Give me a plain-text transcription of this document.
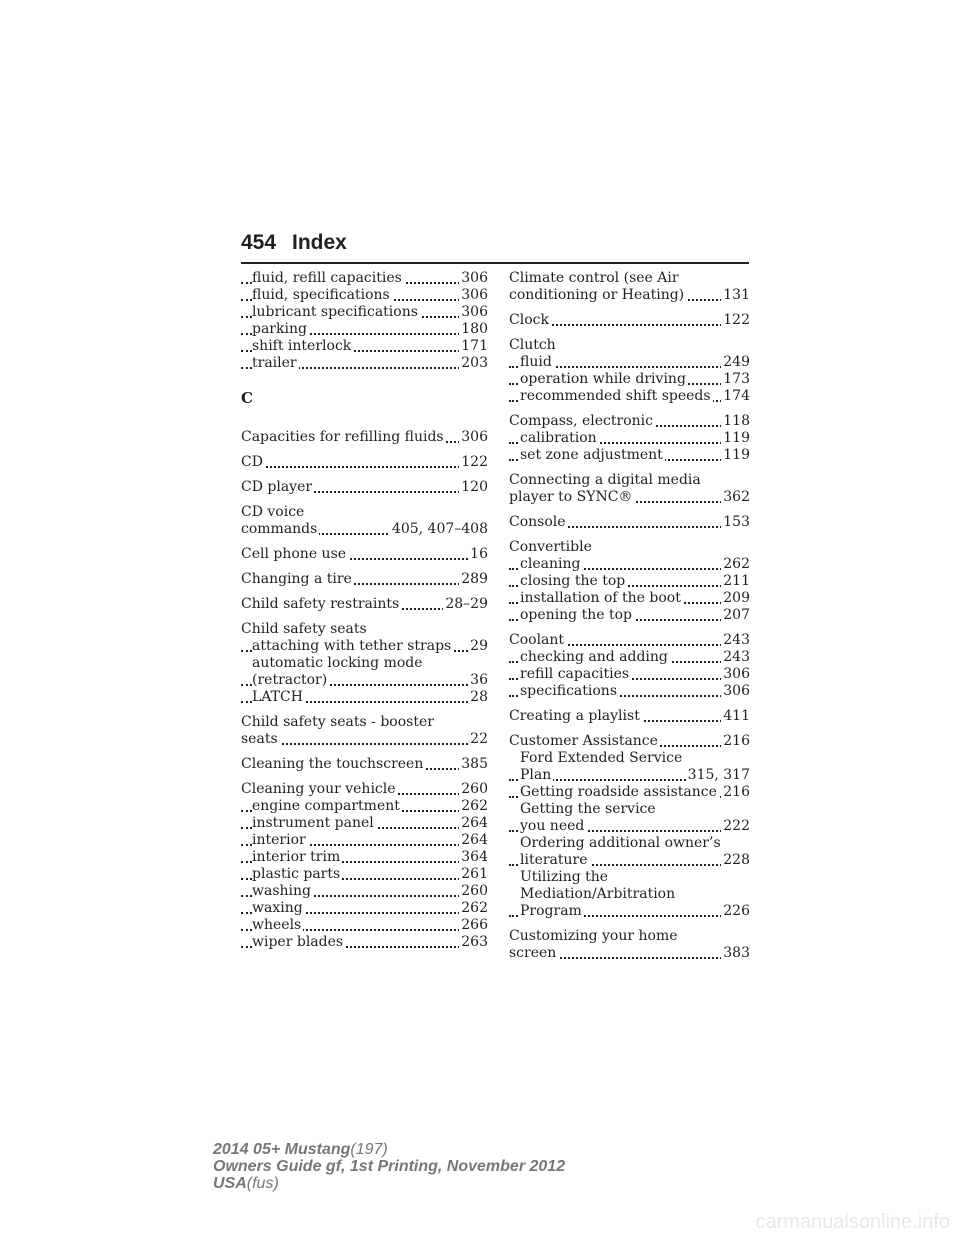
454 Index
fluid, refill capacities	306
fluid, specifications	306
lubricant specifications	306
parking	180
shift interlock	171
trailer	203
C
Capacities for refilling fluids 306
CD	122
CD player	120
CD voice
commands	405, 407–408
Cell phone use	16
Changing a tire	289
Child safety restraints	28–29
Child safety seats
attaching with tether straps 29
automatic locking mode
(retractor)	36
LATCH	28
Child safety seats - booster
seats	22
Cleaning the touchscreen	385
Cleaning your vehicle	260
engine compartment	262
instrument panel	264
interior	264
interior trim	364
plastic parts	261
washing	260
waxing	262
wheels	266
wiper blades	263
Climate control (see Air
conditioning or Heating)	131
Clock	122
Clutch
fluid	249
operation while driving	173
recommended shift speeds 174
Compass, electronic	118
calibration	119
set zone adjustment	119
Connecting a digital media
player to SYNC®	362
Console	153
Convertible
cleaning	262
closing the top	211
installation of the boot	209
opening the top	207
Coolant	243
checking and adding	243
refill capacities	306
specifications	306
Creating a playlist	411
Customer Assistance	216
Ford Extended Service
Plan	315, 317
Getting roadside assistance 216
Getting the service
you need	222
Ordering additional owner’s
literature	228
Utilizing the
Mediation/Arbitration
Program	226
Customizing your home
screen	383
2014 05+ Mustang(197)
Owners Guide gf, 1st Printing, November 2012
USA(fus)
carmanualsonline.info
